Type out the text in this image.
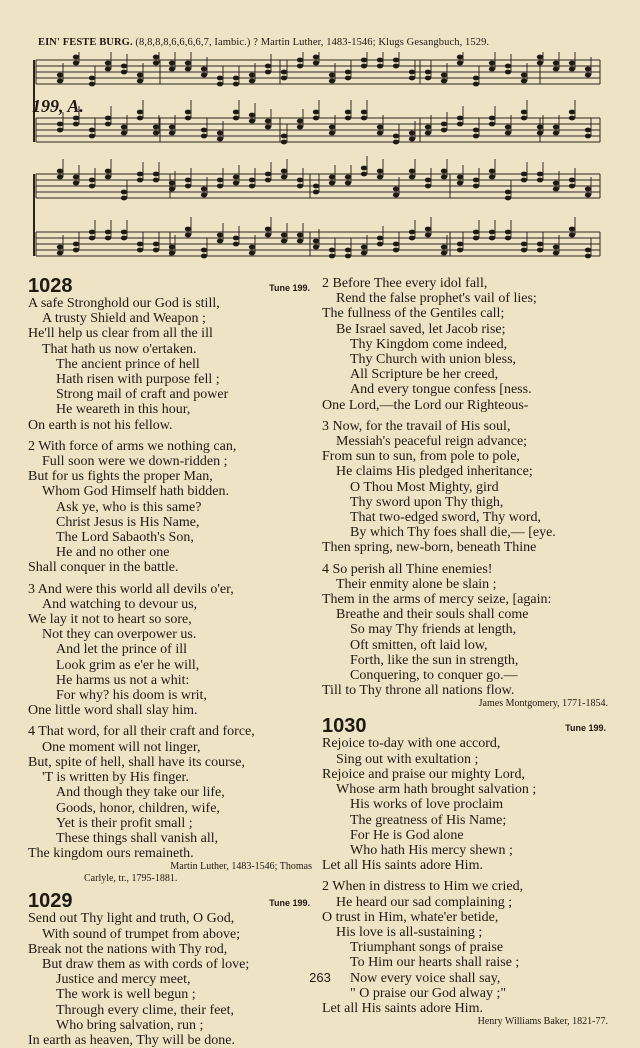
EIN' FESTE BURG. (8,8,8,8,6,6,6,6,7, Iambic.) ? Martin Luther, 1483-1546; Klugs Gesangbuch, 1529.
199, A.
1028	Tune 199.
A safe Stronghold our God is still,
A trusty Shield and Weapon ;
He'll help us clear from all the ill
That hath us now o'ertaken.
The ancient prince of hell
Hath risen with purpose fell ;
Strong mail of craft and power
He weareth in this hour,
On earth is not his fellow.
2 With force of arms we nothing can,
Full soon were we down-ridden ;
But for us fights the proper Man,
Whom God Himself hath bidden.
Ask ye, who is this same?
Christ Jesus is His Name,
The Lord Sabaoth's Son,
He and no other one
Shall conquer in the battle.
3 And were this world all devils o'er,
And watching to devour us,
We lay it not to heart so sore,
Not they can overpower us.
And let the prince of ill
Look grim as e'er he will,
He harms us not a whit:
For why? his doom is writ,
One little word shall slay him.
4 That word, for all their craft and force,
One moment will not linger,
But, spite of hell, shall have its course,
'T is written by His finger.
And though they take our life,
Goods, honor, children, wife,
Yet is their profit small ;
These things shall vanish all,
The kingdom ours remaineth.
Martin Luther, 1483-1546; Thomas
Carlyle, tr., 1795-1881.
1029	Tune 199.
Send out Thy light and truth, O God,
With sound of trumpet from above;
Break not the nations with Thy rod,
But draw them as with cords of love;
Justice and mercy meet,
The work is well begun ;
Through every clime, their feet,
Who bring salvation, run ;
In earth as heaven, Thy will be done.
2 Before Thee every idol fall,
Rend the false prophet's vail of lies;
The fullness of the Gentiles call;
Be Israel saved, let Jacob rise;
Thy Kingdom come indeed,
Thy Church with union bless,
All Scripture be her creed,
And every tongue confess [ness.
One Lord,—the Lord our Righteous-
3 Now, for the travail of His soul,
Messiah's peaceful reign advance;
From sun to sun, from pole to pole,
He claims His pledged inheritance;
O Thou Most Mighty, gird
Thy sword upon Thy thigh,
That two-edged sword, Thy word,
By which Thy foes shall die,— [eye.
Then spring, new-born, beneath Thine
4 So perish all Thine enemies!
Their enmity alone be slain ;
Them in the arms of mercy seize, [again:
Breathe and their souls shall come
So may Thy friends at length,
Oft smitten, oft laid low,
Forth, like the sun in strength,
Conquering, to conquer go.—
Till to Thy throne all nations flow.
James Montgomery, 1771-1854.
1030	Tune 199.
Rejoice to-day with one accord,
Sing out with exultation ;
Rejoice and praise our mighty Lord,
Whose arm hath brought salvation ;
His works of love proclaim
The greatness of His Name;
For He is God alone
Who hath His mercy shewn ;
Let all His saints adore Him.
2 When in distress to Him we cried,
He heard our sad complaining ;
O trust in Him, whate'er betide,
His love is all-sustaining ;
Triumphant songs of praise
To Him our hearts shall raise ;
Now every voice shall say,
" O praise our God alway ;"
Let all His saints adore Him.
Henry Williams Baker, 1821-77.
263
